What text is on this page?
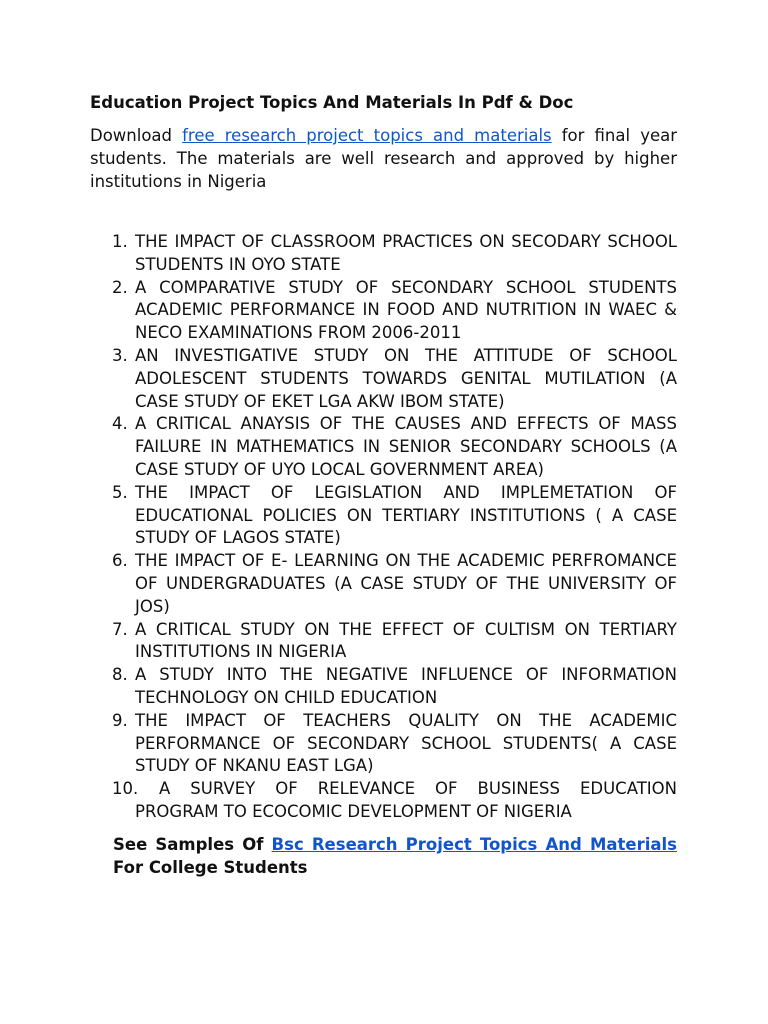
Education Project Topics And Materials In Pdf & Doc

Download free research project topics and materials for final year students. The materials are well research and approved by higher institutions in Nigeria

1. THE IMPACT OF CLASSROOM PRACTICES ON SECODARY SCHOOL STUDENTS IN OYO STATE
2. A COMPARATIVE STUDY OF SECONDARY SCHOOL STUDENTS ACADEMIC PERFORMANCE IN FOOD AND NUTRITION IN WAEC & NECO EXAMINATIONS FROM 2006-2011
3. AN INVESTIGATIVE STUDY ON THE ATTITUDE OF SCHOOL ADOLESCENT STUDENTS TOWARDS GENITAL MUTILATION (A CASE STUDY OF EKET LGA AKW IBOM STATE)
4. A CRITICAL ANAYSIS OF THE CAUSES AND EFFECTS OF MASS FAILURE IN MATHEMATICS IN SENIOR SECONDARY SCHOOLS (A CASE STUDY OF UYO LOCAL GOVERNMENT AREA)
5. THE IMPACT OF LEGISLATION AND IMPLEMETATION OF EDUCATIONAL POLICIES ON TERTIARY INSTITUTIONS ( A CASE STUDY OF LAGOS STATE)
6. THE IMPACT OF E- LEARNING ON THE ACADEMIC PERFROMANCE OF UNDERGRADUATES (A CASE STUDY OF THE UNIVERSITY OF JOS)
7. A CRITICAL STUDY ON THE EFFECT OF CULTISM ON TERTIARY INSTITUTIONS IN NIGERIA
8. A STUDY INTO THE NEGATIVE INFLUENCE OF INFORMATION TECHNOLOGY ON CHILD EDUCATION
9. THE IMPACT OF TEACHERS QUALITY ON THE ACADEMIC PERFORMANCE OF SECONDARY SCHOOL STUDENTS( A CASE STUDY OF NKANU EAST LGA)
10.	A SURVEY OF RELEVANCE OF BUSINESS EDUCATION PROGRAM TO ECOCOMIC DEVELOPMENT OF NIGERIA
See Samples Of Bsc Research Project Topics And Materials For College Students
